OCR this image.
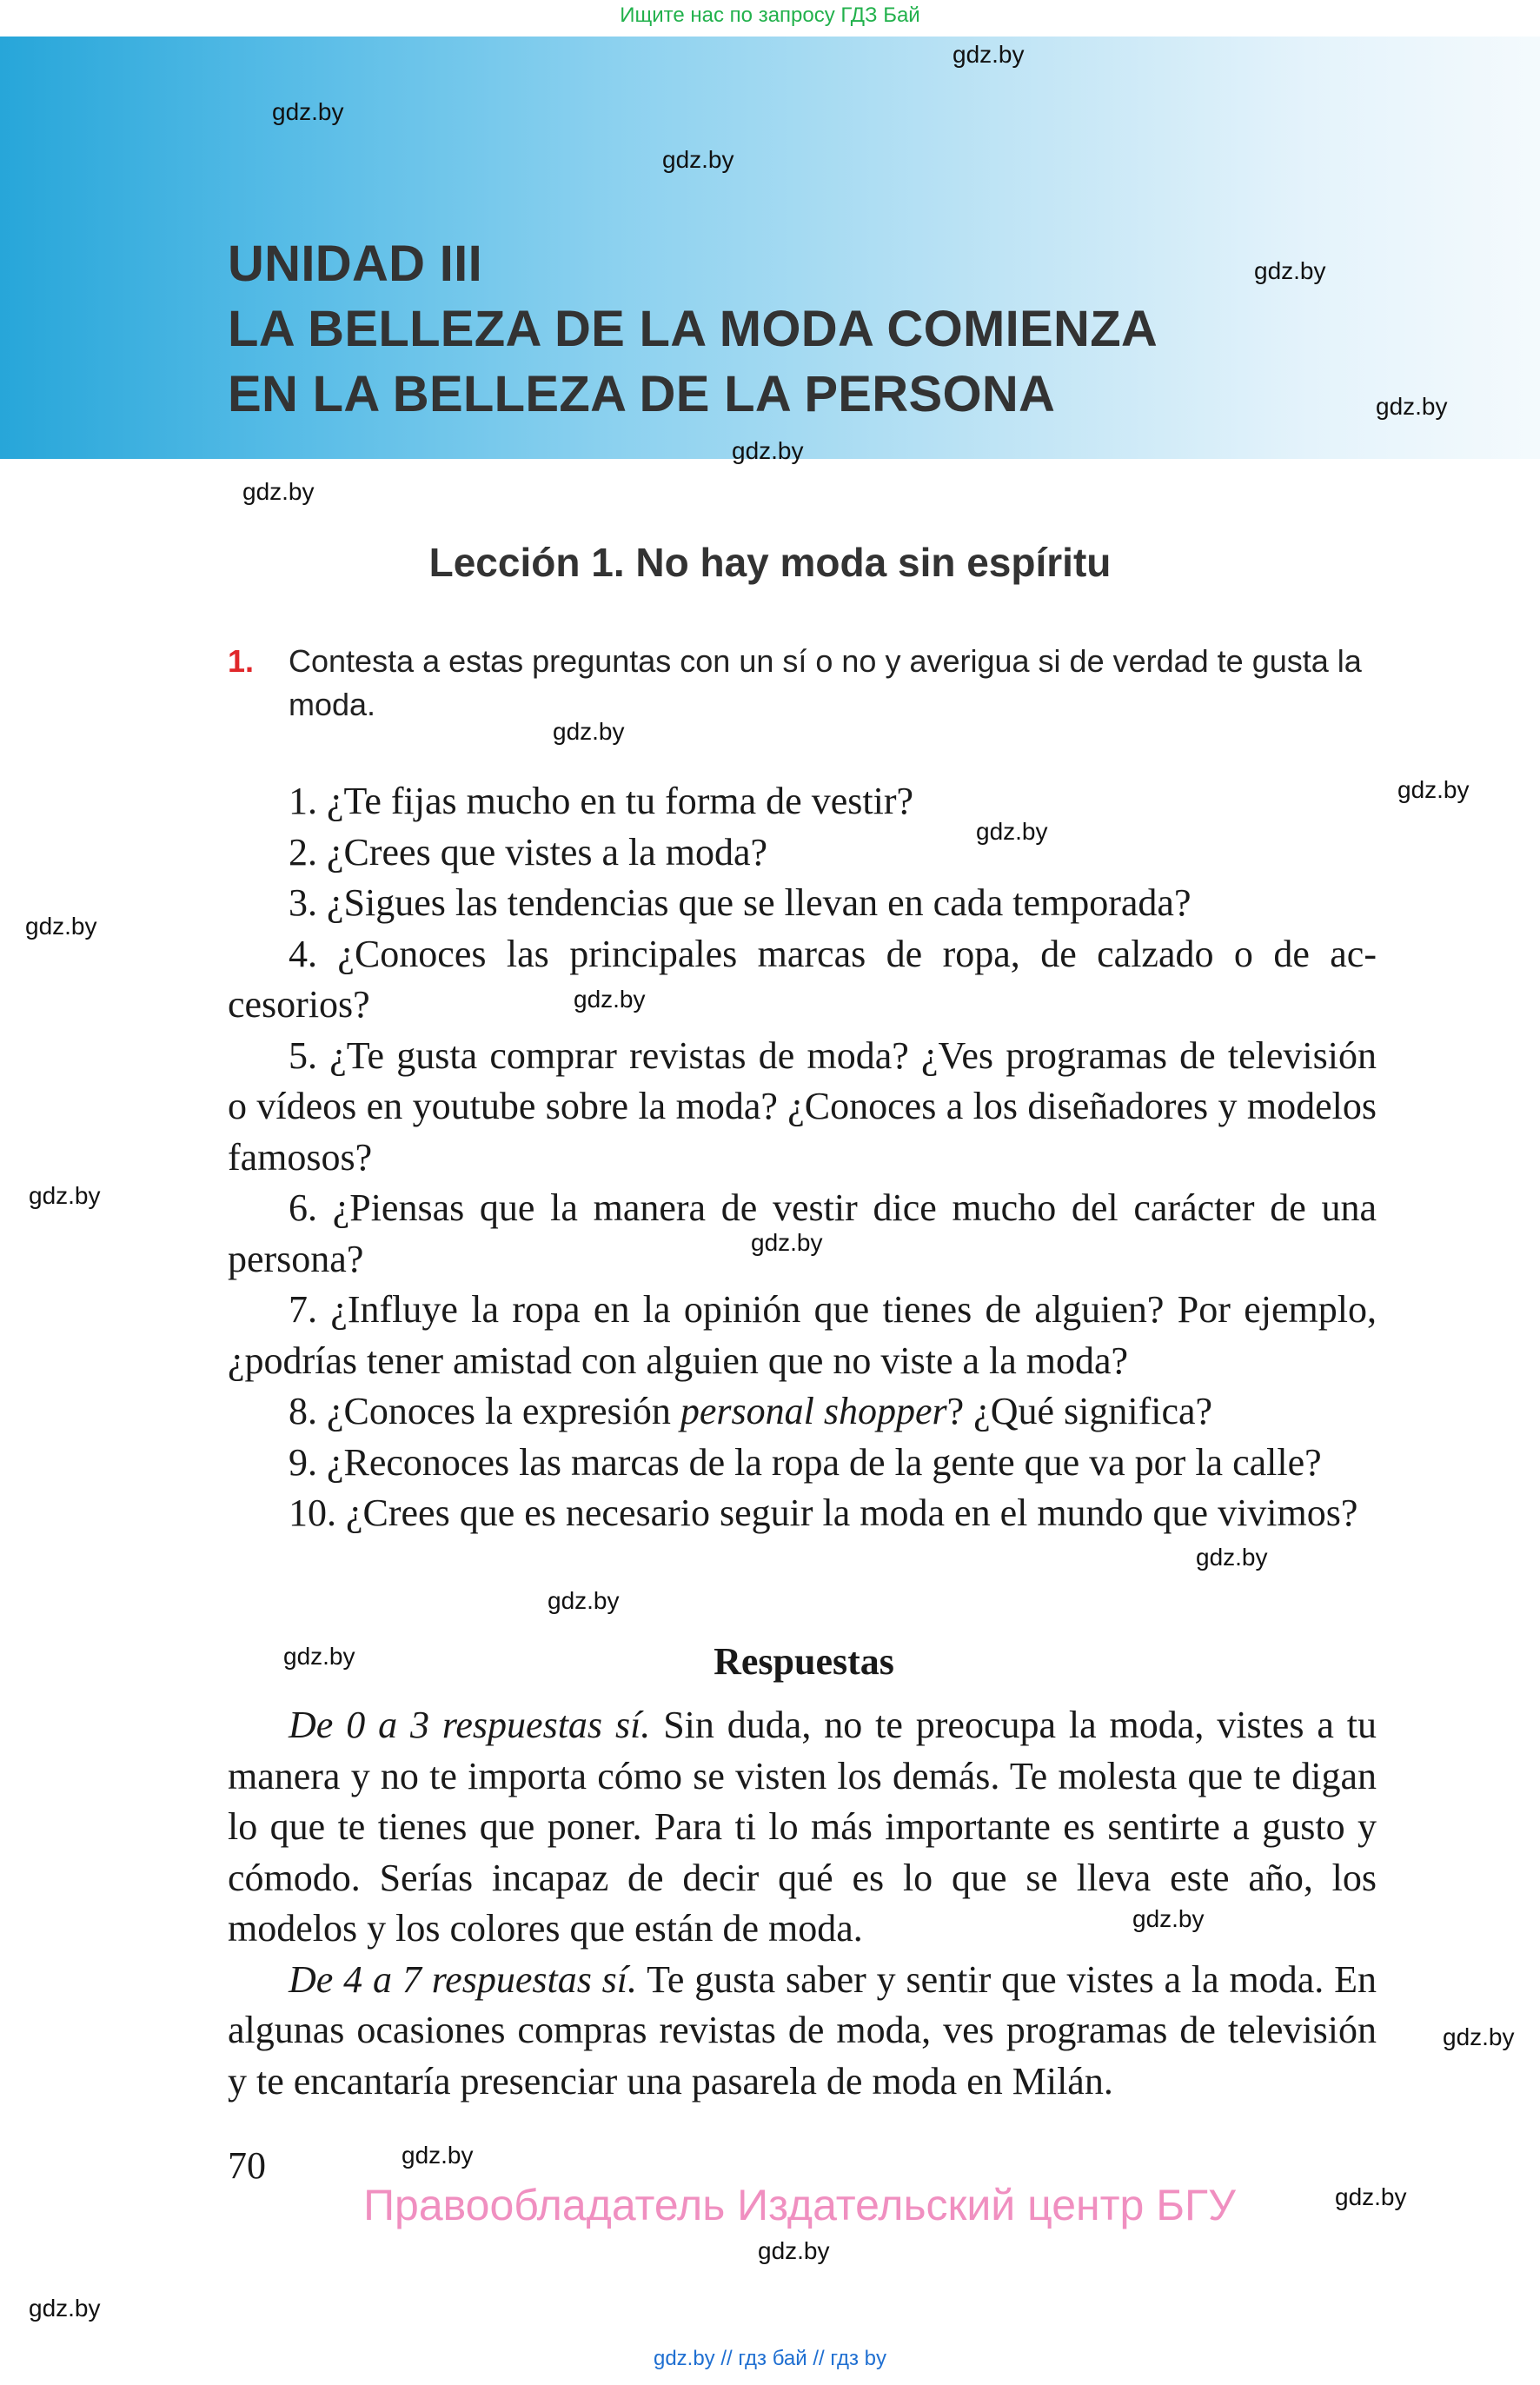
Ищите нас по запросу ГДЗ Бай
UNIDAD III
LA BELLEZA DE LA MODA COMIENZA
EN LA BELLEZA DE LA PERSONA
Lección 1. No hay moda sin espíritu
1. Contesta a estas preguntas con un sí o no y averigua si de verdad te gusta la moda.

1. ¿Te fijas mucho en tu forma de vestir?

2. ¿Crees que vistes a la moda?

3. ¿Sigues las tendencias que se llevan en cada temporada?

4. ¿Conoces las principales marcas de ropa, de calzado o de accesorios?

5. ¿Te gusta comprar revistas de moda? ¿Ves programas de televisión o vídeos en youtube sobre la moda? ¿Conoces a los diseñadores y modelos famosos?

6. ¿Piensas que la manera de vestir dice mucho del carácter de una persona?

7. ¿Influye la ropa en la opinión que tienes de alguien? Por ejemplo, ¿podrías tener amistad con alguien que no viste a la moda?

8. ¿Conoces la expresión personal shopper? ¿Qué significa?

9. ¿Reconoces las marcas de la ropa de la gente que va por la calle?

10. ¿Crees que es necesario seguir la moda en el mundo que vivimos?

Respuestas

De 0 a 3 respuestas sí. Sin duda, no te preocupa la moda, vistes a tu manera y no te importa cómo se visten los demás. Te molesta que te digan lo que te tienes que poner. Para ti lo más importante es sentirte a gusto y cómodo. Serías incapaz de decir qué es lo que se lleva este año, los modelos y los colores que están de moda.

De 4 a 7 respuestas sí. Te gusta saber y sentir que vistes a la moda. En algunas ocasiones compras revistas de moda, ves programas de televisión y te encantaría presenciar una pasarela de moda en Milán.

70
Правообладатель Издательский центр БГУ
gdz.by // гдз бай // гдз by
gdz.by
gdz.by
gdz.by
gdz.by
gdz.by
gdz.by
gdz.by
gdz.by
gdz.by
gdz.by
gdz.by
gdz.by
gdz.by
gdz.by
gdz.by
gdz.by
gdz.by
gdz.by
gdz.by
gdz.by
gdz.by
gdz.by
gdz.by
